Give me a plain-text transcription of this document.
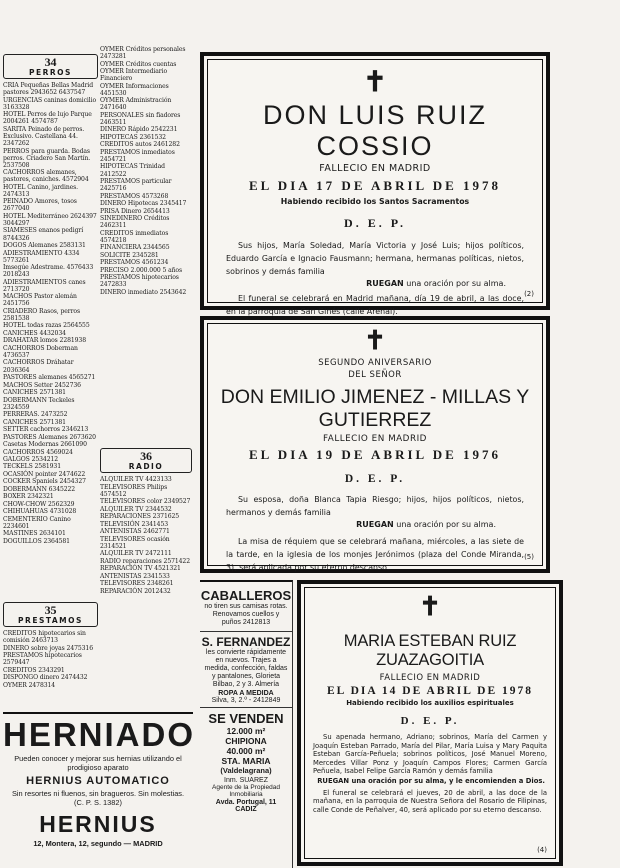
34
PERROS

CRIA Pequeñas Bellas Madrid pastores 2943652 6437547

URGENCIAS caninas domicilio 3163328

HOTEL Perros de lujo Parque 2004261 4574787

SARITA Peinado de perros. Exclusivo. Castellana 44. 2347262

PERROS para guarda. Bodas perros. Criadero San Martín. 2537508

CACHORROS alemanes, pastores, caniches. 4572904

HOTEL Canino, jardines. 2474313

PEINADO Amores, tosos 2677040

HOTEL Mediterráneo 2624397 3044297

SIAMESES enanos pedigrí 8744326

DOGOS Alemanes 2583131

ADIESTRAMIENTO 4334 5773261

Imsegúe Adestrame. 4576433 2018243

ADIESTRAMIENTOS canes 2713720

MACHOS Pastor alemán 2451756

CRIADERO Rasos, perros 2581538

HOTEL todas razas 2564555

CANICHES 4432034

DRAHATAR lomos 2281938

CACHORROS Doberman 4736537

CACHORROS Dráhatar 2036364

PASTORES alemanes 4565271

MACHOS Setter 2452736

CANICHES 2571381

DOBERMANN Teckeles 2324559

PERRERAS. 2473252

CANICHES 2571381

SETTER cachorros 2346213

PASTORES Alemanes 2673620

Casetas Modernas 2661090

CACHORROS 4569024

GALGOS 2534212

TECKELS 2581931

OCASIÓN pointer 2474622

COCKER Spaniels 2454327

DOBERMANN 6345222

BOXER 2342321

CHOW-CHOW 2562329

CHIHUAHUAS 4731028

CEMENTERIO Canino 2234601

MASTINES 2634101

DOGUILLOS 2364581

35
PRESTAMOS

CREDITOS hipotecarios sin comisión 2463713

DINERO sobre joyas 2475316

PRESTAMOS hipotecarios 2579447

CREDITOS 2343291

DISPONGO dinero 2474432

OYMER 2478314

OYMER Créditos personales 2473281

OYMER Créditos cuentas

OYMER Intermediario Financiero

OYMER Informaciones 4451530

OYMER Administración 2471640

PERSONALES sin fiadores 2463511

DINERO Rápido 2542231

HIPOTECAS 2361532

CREDITOS autos 2461282

PRESTAMOS inmediatos 2454721

HIPOTECAS Trinidad 2412522

PRESTAMOS particular 2425716

PRESTAMOS 4573268

DINERO Hipotecas 2345417

PRISA Dinero 2654413

SINEDINERO Créditos 2462311

CREDITOS inmediatos 4574218

FINANCIERA 2344565

SOLICITE 2345281

PRESTAMOS 4561234

PRECISO 2.000.000 5 años

PRESTAMOS hipotecarios 2472833

DINERO inmediato 2543642

36
RADIO

ALQUILER TV 4423133

TELEVISORES Philips 4574512

TELEVISORES color 2349527

ALQUILER TV 2344532

REPARACIONES 2371625

TELEVISIÓN 2341453

ANTENISTAS 2462771

TELEVISORES ocasión 2314521

ALQUILER TV 2472111

RADIO reparaciones 2571422

REPARACIÓN TV 4521321

ANTENISTAS 2341533

TELEVISORES 2348261

REPARACIÓN 2012432

HERNIADO
Pueden conocer y mejorar sus hernias utilizando el prodigioso aparato
HERNIUS AUTOMATICO
Sin resortes ni fluenos, sin bragueros. Sin molestias. (C. P. S. 1382)
HERNIUS
12, Montera, 12, segundo — MADRID
✝
DON LUIS RUIZ COSSIO
FALLECIO EN MADRID
EL DIA 17 DE ABRIL DE 1978
Habiendo recibido los Santos Sacramentos
D. E. P.
Sus hijos, María Soledad, María Victoria y José Luis; hijos políticos, Eduardo García e Ignacio Fausmann; hermana, hermanas políticas, nietos, sobrinos y demás familia
RUEGAN una oración por su alma.
El funeral se celebrará en Madrid mañana, día 19 de abril, a las doce, en la parroquia de San Ginés (calle Arenal).
(2)
✝
SEGUNDO ANIVERSARIO
DEL SEÑOR
DON EMILIO JIMENEZ - MILLAS Y GUTIERREZ
FALLECIO EN MADRID
EL DIA 19 DE ABRIL DE 1976
D. E. P.
Su esposa, doña Blanca Tapia Riesgo; hijos, hijos políticos, nietos, hermanos y demás familia
RUEGAN una oración por su alma.
La misa de réquiem que se celebrará mañana, miércoles, a las siete de la tarde, en la iglesia de los monjes Jerónimos (plaza del Conde Miranda, 3), será aplicada por su eterno descanso.
(5)
CABALLEROS
no tiren sus camisas rotas. Renovamos cuellos y puños 2412813
S. FERNANDEZ
les convierte rápidamente en nuevos. Trajes a medida, confección, faldas y pantalones, Glorieta Bilbao, 2 y 3. Almería
ROPA A MEDIDA
Silva, 3, 2.º - 2412849
SE VENDEN
12.000 m²
CHIPIONA
40.000 m²
STA. MARIA
(Valdelagrana)
Inm. SUAREZ
Agente de la Propiedad Inmobiliaria
Avda. Portugal, 11
CADIZ
✝
MARIA ESTEBAN RUIZ ZUAZAGOITIA
FALLECIO EN MADRID
EL DIA 14 DE ABRIL DE 1978
Habiendo recibido los auxilios espirituales
D. E. P.
Su apenada hermano, Adriano; sobrinos, María del Carmen y Joaquín Esteban Parrado, María del Pilar, María Luisa y Mary Paquita Esteban García-Peñuela; sobrinos políticos, José Manuel Moreno, Mercedes Villar Ponz y Joaquín Campos Flores; Carmen García Peñuela, Isabel Felipe García Ramón y demás familia
RUEGAN una oración por su alma, y le encomienden a Dios.
El funeral se celebrará el jueves, 20 de abril, a las doce de la mañana, en la parroquia de Nuestra Señora del Rosario de Filipinas, calle Conde de Peñalver, 40, será aplicado por su eterno descanso.
(4)
